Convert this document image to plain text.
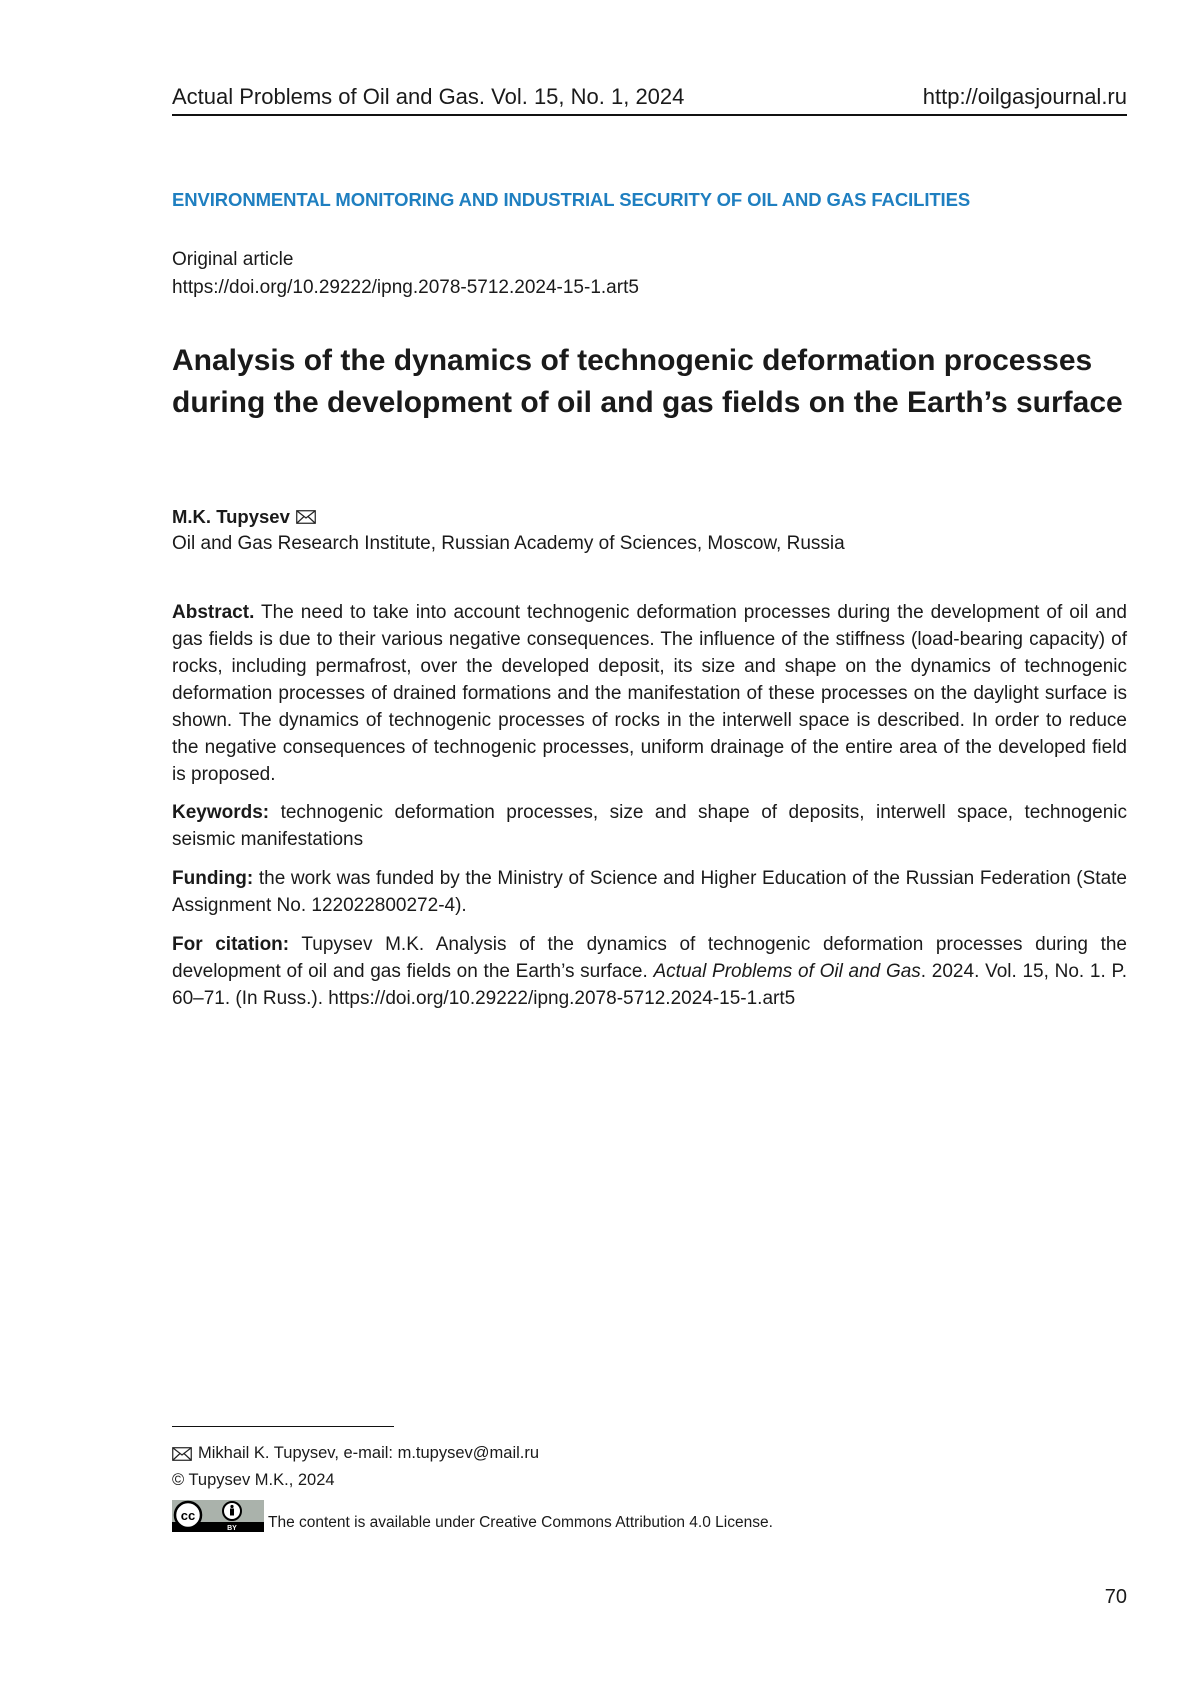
Actual Problems of Oil and Gas. Vol. 15, No. 1, 2024	http://oilgasjournal.ru
ENVIRONMENTAL MONITORING AND INDUSTRIAL SECURITY OF OIL AND GAS FACILITIES
Original article
https://doi.org/10.29222/ipng.2078-5712.2024-15-1.art5
Analysis of the dynamics of technogenic deformation processes during the development of oil and gas fields on the Earth’s surface
M.K. Tupysev
Oil and Gas Research Institute, Russian Academy of Sciences, Moscow, Russia

Abstract. The need to take into account technogenic deformation processes during the development of oil and gas fields is due to their various negative consequences. The influence of the stiffness (load-bearing capacity) of rocks, including permafrost, over the developed deposit, its size and shape on the dynamics of technogenic deformation processes of drained formations and the manifestation of these processes on the daylight surface is shown. The dynamics of technogenic processes of rocks in the interwell space is described. In order to reduce the negative consequences of technogenic processes, uniform drainage of the entire area of the developed field is proposed.

Keywords: technogenic deformation processes, size and shape of deposits, interwell space, technogenic seismic manifestations

Funding: the work was funded by the Ministry of Science and Higher Education of the Russian Federation (State Assignment No. 122022800272-4).

For citation: Tupysev M.K. Analysis of the dynamics of technogenic deformation processes during the development of oil and gas fields on the Earth’s surface. Actual Problems of Oil and Gas. 2024. Vol. 15, No. 1. P. 60–71. (In Russ.). https://doi.org/10.29222/ipng.2078-5712.2024-15-1.art5

Mikhail K. Tupysev, e-mail: m.tupysev@mail.ru
© Tupysev M.K., 2024
cc
BY The content is available under Creative Commons Attribution 4.0 License.
70
